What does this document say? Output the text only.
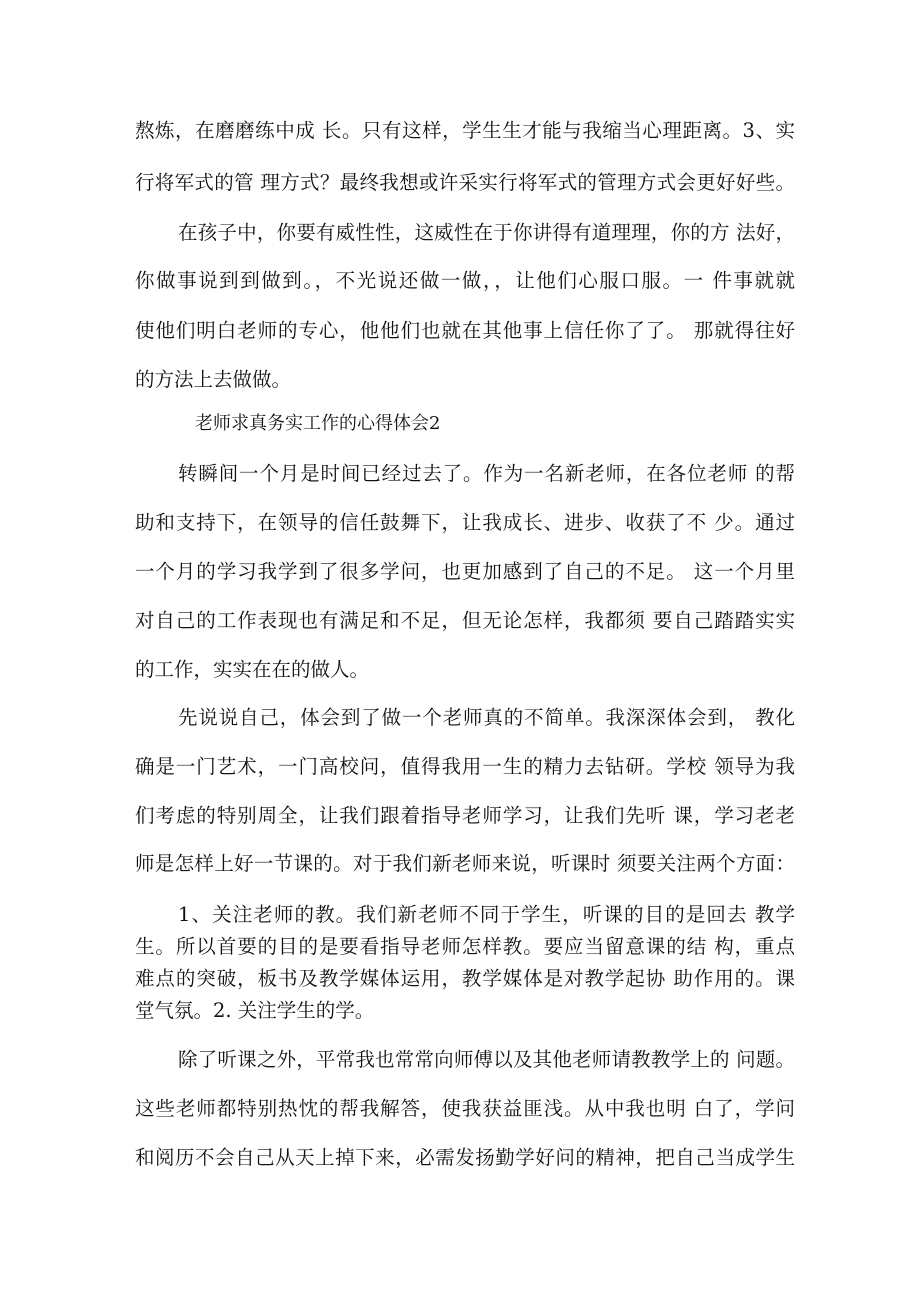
熬炼，在磨磨练中成 长。只有这样，学生生才能与我缩当心理距离。3、实
行将军式的管 理方式？最终我想或许采实行将军式的管理方式会更好好些。
在孩子中，你要有威性性，这威性在于你讲得有道理理，你的方 法好，
你做事说到到做到。，不光说还做一做，，让他们心服口服。一 件事就就
使他们明白老师的专心，他他们也就在其他事上信任你了了。 那就得往好
的方法上去做做。
老师求真务实工作的心得体会2
转瞬间一个月是时间已经过去了。作为一名新老师，在各位老师 的帮
助和支持下，在领导的信任鼓舞下，让我成长、进步、收获了不 少。通过
一个月的学习我学到了很多学问，也更加感到了自己的不足。 这一个月里
对自己的工作表现也有满足和不足，但无论怎样，我都须 要自己踏踏实实
的工作，实实在在的做人。
先说说自己，体会到了做一个老师真的不简单。我深深体会到， 教化
确是一门艺术，一门高校问，值得我用一生的精力去钻研。学校 领导为我
们考虑的特别周全，让我们跟着指导老师学习，让我们先听 课，学习老老
师是怎样上好一节课的。对于我们新老师来说，听课时 须要关注两个方面：
1、关注老师的教。我们新老师不同于学生，听课的目的是回去 教学
生。所以首要的目的是要看指导老师怎样教。要应当留意课的结 构，重点
难点的突破，板书及教学媒体运用，教学媒体是对教学起协 助作用的。课
堂气氛。2. 关注学生的学。
除了听课之外，平常我也常常向师傅以及其他老师请教教学上的 问题。
这些老师都特别热忱的帮我解答，使我获益匪浅。从中我也明 白了，学问
和阅历不会自己从天上掉下来，必需发扬勤学好问的精神，把自己当成学生
